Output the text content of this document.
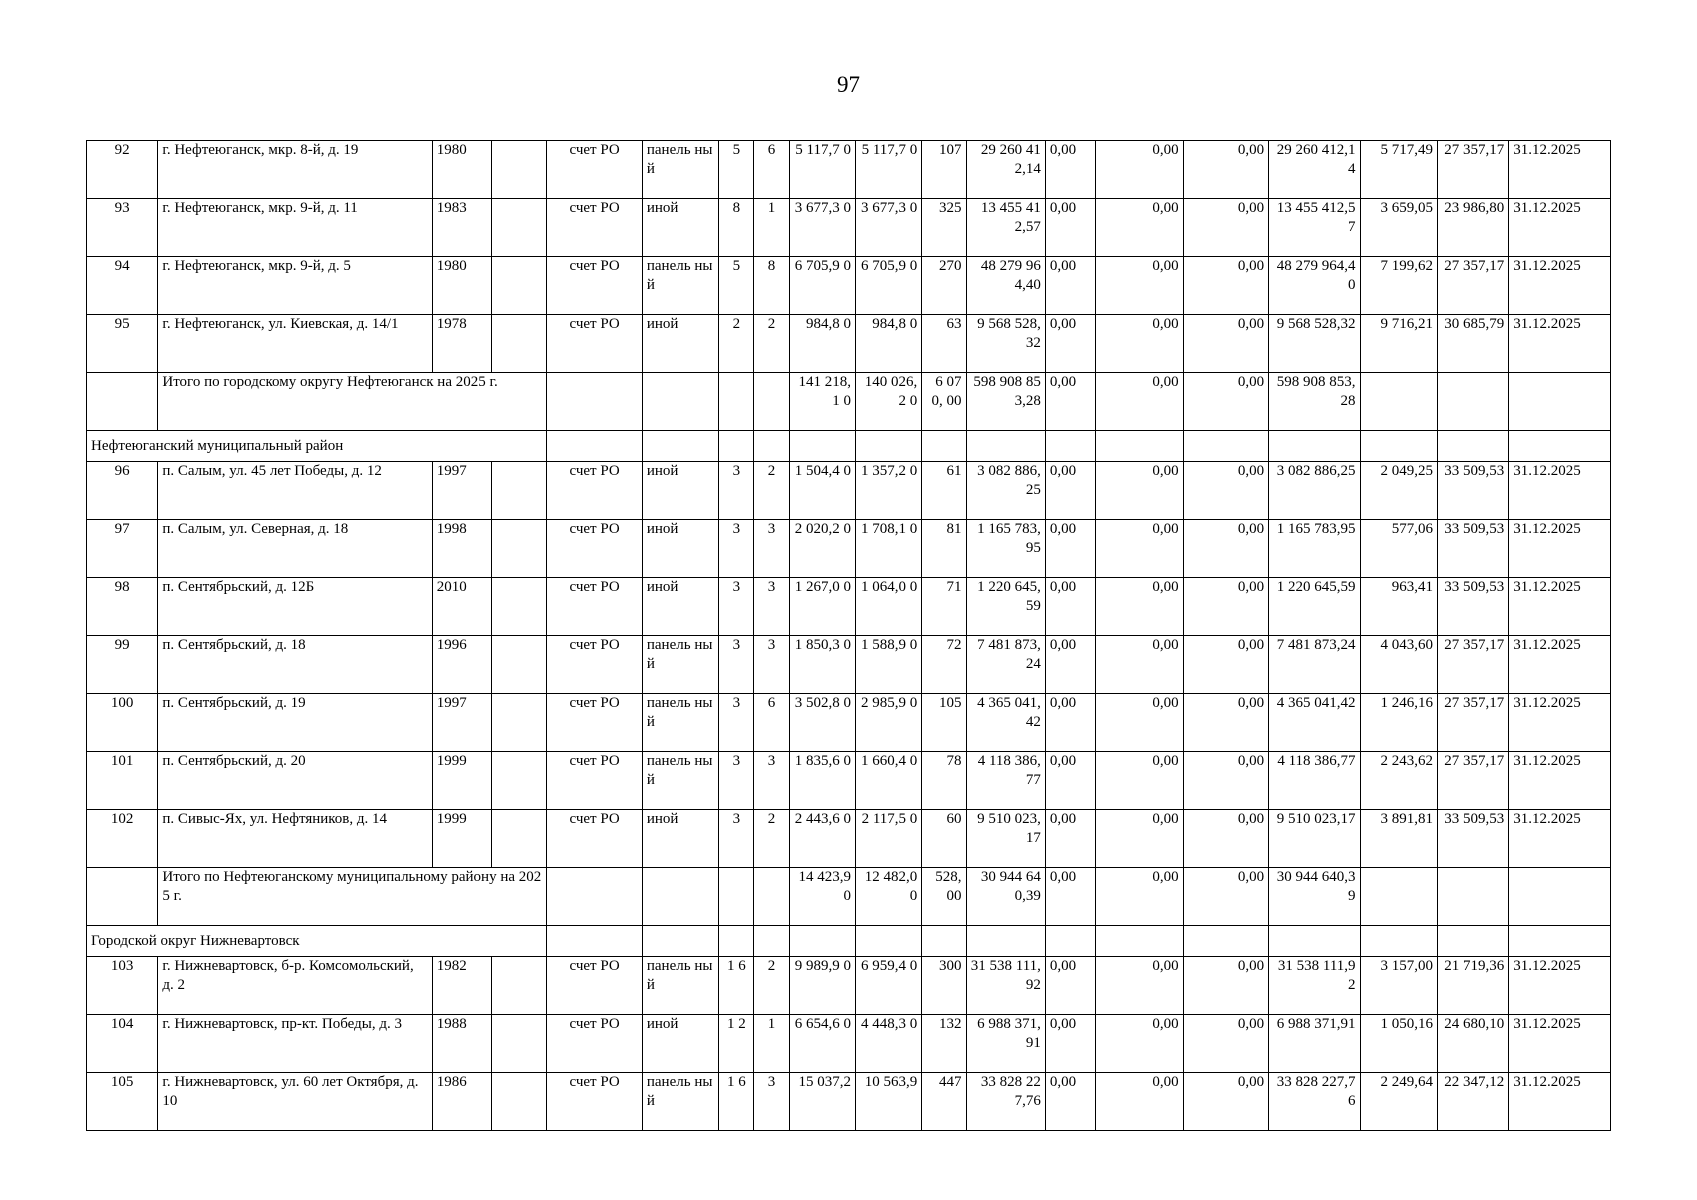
97
92	г. Нефтеюганск, мкр. 8-й, д. 19	1980		счет РО	панель ный	5	6	5 117,7 0	5 117,7 0	107	29 260 412,14	0,00	0,00	0,00	29 260 412,14	5 717,49	27 357,17	31.12.2025
93	г. Нефтеюганск, мкр. 9-й, д. 11	1983		счет РО	иной	8	1	3 677,3 0	3 677,3 0	325	13 455 412,57	0,00	0,00	0,00	13 455 412,57	3 659,05	23 986,80	31.12.2025
94	г. Нефтеюганск, мкр. 9-й, д. 5	1980		счет РО	панель ный	5	8	6 705,9 0	6 705,9 0	270	48 279 964,40	0,00	0,00	0,00	48 279 964,40	7 199,62	27 357,17	31.12.2025
95	г. Нефтеюганск, ул. Киевская, д. 14/1	1978		счет РО	иной	2	2	984,8 0	984,8 0	63	9 568 528,32	0,00	0,00	0,00	9 568 528,32	9 716,21	30 685,79	31.12.2025
	Итого по городскому округу Нефтеюганск на 2025 г.							141 218,1 0	140 026,2 0	6 070, 00	598 908 853,28	0,00	0,00	0,00	598 908 853,28			
Нефтеюганский муниципальный район																		
96	п. Салым, ул. 45 лет Победы, д. 12	1997		счет РО	иной	3	2	1 504,4 0	1 357,2 0	61	3 082 886,25	0,00	0,00	0,00	3 082 886,25	2 049,25	33 509,53	31.12.2025
97	п. Салым, ул. Северная, д. 18	1998		счет РО	иной	3	3	2 020,2 0	1 708,1 0	81	1 165 783,95	0,00	0,00	0,00	1 165 783,95	577,06	33 509,53	31.12.2025
98	п. Сентябрьский, д. 12Б	2010		счет РО	иной	3	3	1 267,0 0	1 064,0 0	71	1 220 645,59	0,00	0,00	0,00	1 220 645,59	963,41	33 509,53	31.12.2025
99	п. Сентябрьский, д. 18	1996		счет РО	панель ный	3	3	1 850,3 0	1 588,9 0	72	7 481 873,24	0,00	0,00	0,00	7 481 873,24	4 043,60	27 357,17	31.12.2025
100	п. Сентябрьский, д. 19	1997		счет РО	панель ный	3	6	3 502,8 0	2 985,9 0	105	4 365 041,42	0,00	0,00	0,00	4 365 041,42	1 246,16	27 357,17	31.12.2025
101	п. Сентябрьский, д. 20	1999		счет РО	панель ный	3	3	1 835,6 0	1 660,4 0	78	4 118 386,77	0,00	0,00	0,00	4 118 386,77	2 243,62	27 357,17	31.12.2025
102	п. Сивыс-Ях, ул. Нефтяников, д. 14	1999		счет РО	иной	3	2	2 443,6 0	2 117,5 0	60	9 510 023,17	0,00	0,00	0,00	9 510 023,17	3 891,81	33 509,53	31.12.2025
	Итого по Нефтеюганскому муниципальному району на 2025 г.							14 423,9 0	12 482,0 0	528, 00	30 944 640,39	0,00	0,00	0,00	30 944 640,39			
Городской округ Нижневартовск																		
103	г. Нижневартовск, б-р. Комсомольский, д. 2	1982		счет РО	панель ный	1 6	2	9 989,9 0	6 959,4 0	300	31 538 111,92	0,00	0,00	0,00	31 538 111,92	3 157,00	21 719,36	31.12.2025
104	г. Нижневартовск, пр-кт. Победы, д. 3	1988		счет РО	иной	1 2	1	6 654,6 0	4 448,3 0	132	6 988 371,91	0,00	0,00	0,00	6 988 371,91	1 050,16	24 680,10	31.12.2025
105	г. Нижневартовск, ул. 60 лет Октября, д. 10	1986		счет РО	панель ный	1 6	3	15 037,2	10 563,9	447	33 828 227,76	0,00	0,00	0,00	33 828 227,76	2 249,64	22 347,12	31.12.2025
